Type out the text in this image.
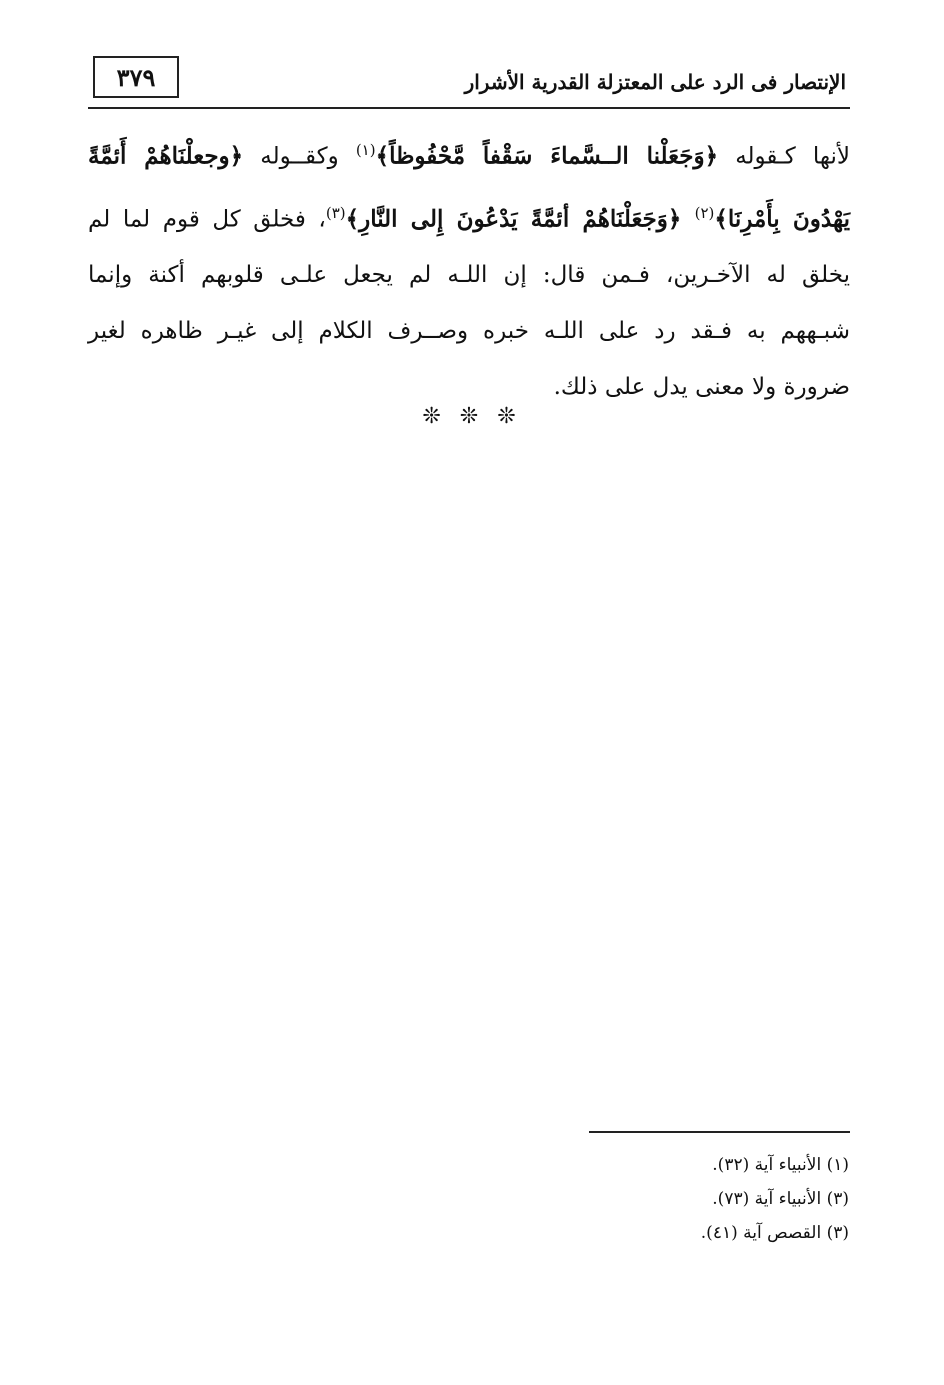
٣٧٩	الإنتصار فى الرد على المعتزلة القدرية الأشرار
لأنها كـقوله ﴿وَجَعَلْنا الــسَّماءَ سَقْفاً مَّحْفُوظاً﴾$^{(١)}$ وكقــوله ﴿وجعلْنَاهُمْ أَئمَّةً
يَهْدُونَ بِأَمْرِنَا﴾$^{(٢)}$ ﴿وَجَعَلْنَاهُمْ أئمَّةً يَدْعُونَ إِلى النَّارِ﴾$^{(٣)}$، فخلق كل قوم لما لم
يخلق له الآخـرين، فـمن قال: إن اللـه لم يجعل علـى قلوبهم أكنة وإنما
شبـههم به فـقد رد على اللـه خبره وصــرف الكلام إلى غيـر ظاهره لغير
ضرورة ولا معنى يدل على ذلك.
❊ ❊ ❊
(١) الأنبياء آية (٣٢).
(٣) الأنبياء آية (٧٣).
(٣) القصص آية (٤١).
